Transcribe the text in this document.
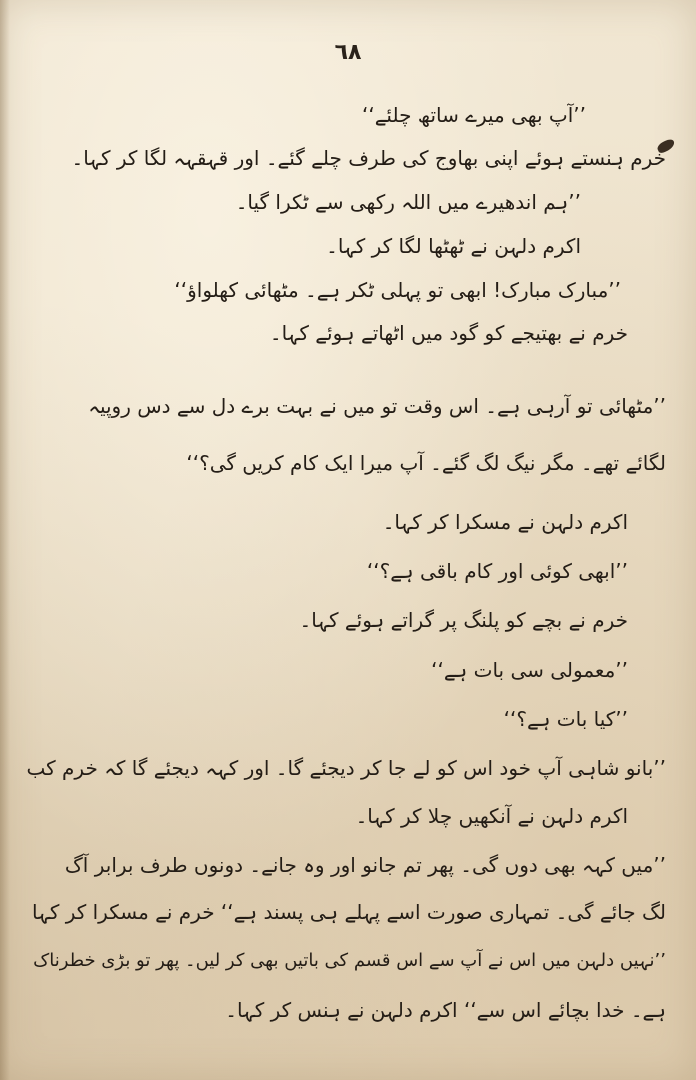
٦٨
’’آپ بھی میرے ساتھ چلئے‘‘
خرم ہنستے ہوئے اپنی بھاوج کی طرف چلے گئے۔ اور قہقہہ لگا کر کہا۔
’’ہم اندھیرے میں اللہ رکھی سے ٹکرا گیا۔
اکرم دلہن نے ٹھٹھا لگا کر کہا۔
’’مبارک مبارک! ابھی تو پہلی ٹکر ہے۔ مٹھائی کھلواؤ‘‘
خرم نے بھتیجے کو گود میں اٹھاتے ہوئے کہا۔
’’مٹھائی تو آرہی ہے۔ اس وقت تو میں نے بہت برے دل سے دس روپیہ
لگائے تھے۔ مگر نیگ لگ گئے۔ آپ میرا ایک کام کریں گی؟‘‘
اکرم دلہن نے مسکرا کر کہا۔
’’ابھی کوئی اور کام باقی ہے؟‘‘
خرم نے بچے کو پلنگ پر گراتے ہوئے کہا۔
’’معمولی سی بات ہے‘‘
’’کیا بات ہے؟‘‘
’’بانو شاہی آپ خود اس کو لے جا کر دیجئے گا۔ اور کہہ دیجئے گا کہ خرم کب
اکرم دلہن نے آنکھیں چلا کر کہا۔
’’میں کہہ بھی دوں گی۔ پھر تم جانو اور وہ جانے۔ دونوں طرف برابر آگ
لگ جائے گی۔ تمہاری صورت اسے پہلے ہی پسند ہے‘‘ خرم نے مسکرا کر کہا
’’نہیں دلہن میں اس نے آپ سے اس قسم کی باتیں بھی کر لیں۔ پھر تو بڑی خطرناک
ہے۔ خدا بچائے اس سے‘‘ اکرم دلہن نے ہنس کر کہا۔
